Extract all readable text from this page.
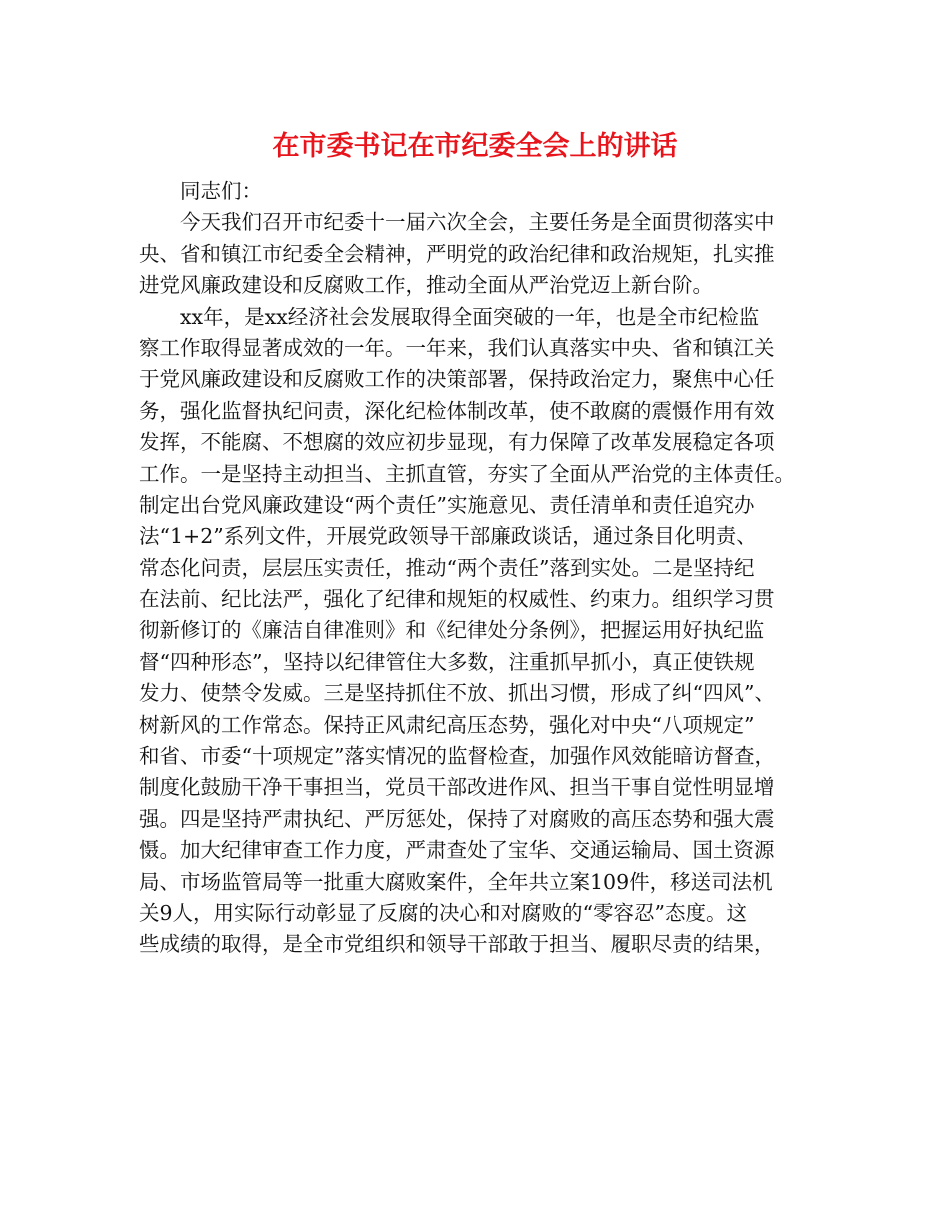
在市委书记在市纪委全会上的讲话
同志们：
今天我们召开市纪委十一届六次全会，主要任务是全面贯彻落实中
央、省和镇江市纪委全会精神，严明党的政治纪律和政治规矩，扎实推
进党风廉政建设和反腐败工作，推动全面从严治党迈上新台阶。
xx年，是xx经济社会发展取得全面突破的一年，也是全市纪检监
察工作取得显著成效的一年。一年来，我们认真落实中央、省和镇江关
于党风廉政建设和反腐败工作的决策部署，保持政治定力，聚焦中心任
务，强化监督执纪问责，深化纪检体制改革，使不敢腐的震慑作用有效
发挥，不能腐、不想腐的效应初步显现，有力保障了改革发展稳定各项
工作。一是坚持主动担当、主抓直管，夯实了全面从严治党的主体责任。
制定出台党风廉政建设“两个责任”实施意见、责任清单和责任追究办
法“1+2”系列文件，开展党政领导干部廉政谈话，通过条目化明责、
常态化问责，层层压实责任，推动“两个责任”落到实处。二是坚持纪
在法前、纪比法严，强化了纪律和规矩的权威性、约束力。组织学习贯
彻新修订的《廉洁自律准则》和《纪律处分条例》，把握运用好执纪监
督“四种形态”，坚持以纪律管住大多数，注重抓早抓小，真正使铁规
发力、使禁令发威。三是坚持抓住不放、抓出习惯，形成了纠“四风”、
树新风的工作常态。保持正风肃纪高压态势，强化对中央“八项规定”
和省、市委“十项规定”落实情况的监督检查，加强作风效能暗访督查，
制度化鼓励干净干事担当，党员干部改进作风、担当干事自觉性明显增
强。四是坚持严肃执纪、严厉惩处，保持了对腐败的高压态势和强大震
慑。加大纪律审查工作力度，严肃查处了宝华、交通运输局、国土资源
局、市场监管局等一批重大腐败案件，全年共立案109件，移送司法机
关9人，用实际行动彰显了反腐的决心和对腐败的“零容忍”态度。这
些成绩的取得，是全市党组织和领导干部敢于担当、履职尽责的结果，
